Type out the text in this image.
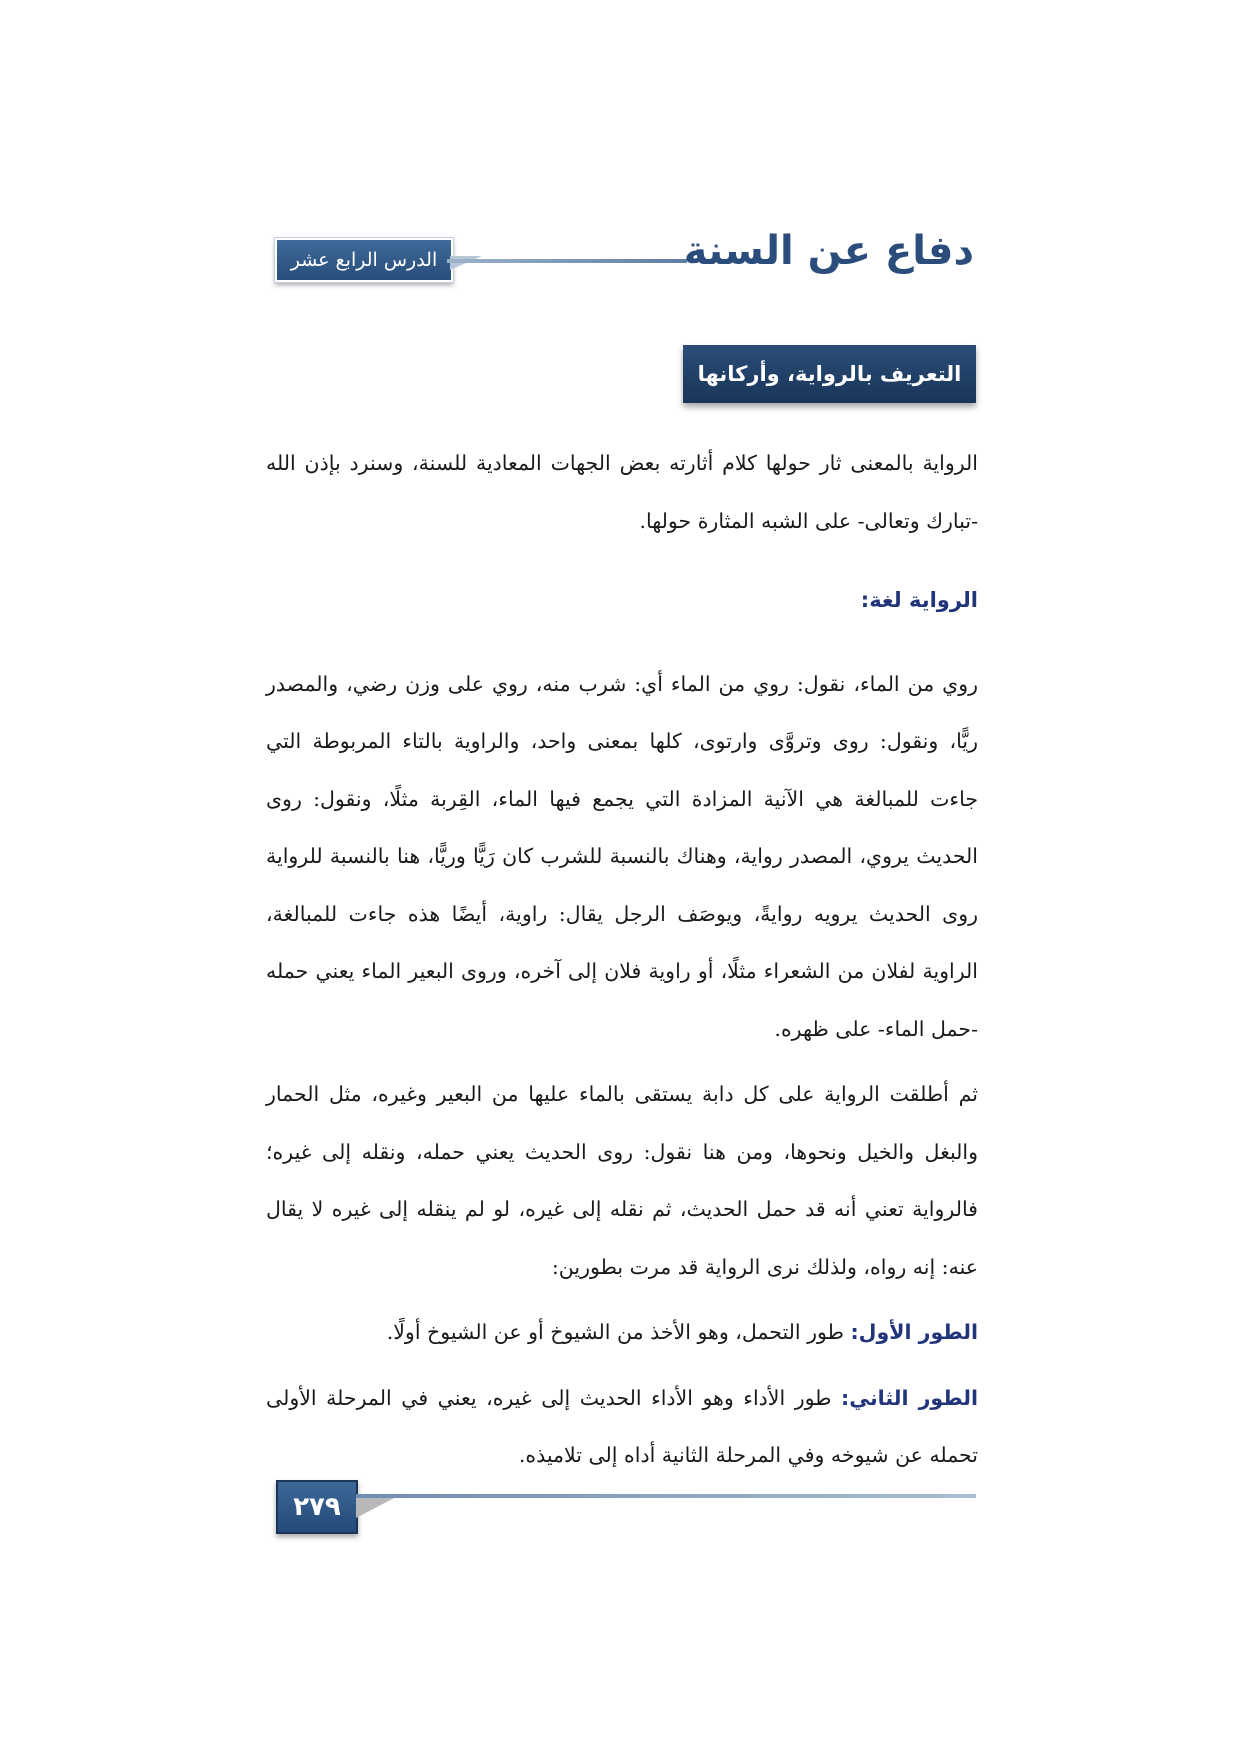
الدرس الرابع عشر	دفاع عن السنة
التعريف بالرواية، وأركانها

الرواية بالمعنى ثار حولها كلام أثارته بعض الجهات المعادية للسنة، وسنرد بإذن الله -تبارك وتعالى- على الشبه المثارة حولها.

الرواية لغة:

روي من الماء، نقول: روي من الماء أي: شرب منه، روي على وزن رضي، والمصدر ريًّا، ونقول: روى وتروَّى وارتوى، كلها بمعنى واحد، والراوية بالتاء المربوطة التي جاءت للمبالغة هي الآنية المزادة التي يجمع فيها الماء، القِربة مثلًا، ونقول: روى الحديث يروي، المصدر رواية، وهناك بالنسبة للشرب كان رَيًّا وريًّا، هنا بالنسبة للرواية روى الحديث يرويه روايةً، ويوصَف الرجل يقال: راوية، أيضًا هذه جاءت للمبالغة، الراوية لفلان من الشعراء مثلًا، أو راوية فلان إلى آخره، وروى البعير الماء يعني حمله -حمل الماء- على ظهره.

ثم أطلقت الرواية على كل دابة يستقى بالماء عليها من البعير وغيره، مثل الحمار والبغل والخيل ونحوها، ومن هنا نقول: روى الحديث يعني حمله، ونقله إلى غيره؛ فالرواية تعني أنه قد حمل الحديث، ثم نقله إلى غيره، لو لم ينقله إلى غيره لا يقال عنه: إنه رواه، ولذلك نرى الرواية قد مرت بطورين:

الطور الأول: طور التحمل، وهو الأخذ من الشيوخ أو عن الشيوخ أولًا.

الطور الثاني: طور الأداء وهو الأداء الحديث إلى غيره، يعني في المرحلة الأولى تحمله عن شيوخه وفي المرحلة الثانية أداه إلى تلاميذه.

٢٧٩
